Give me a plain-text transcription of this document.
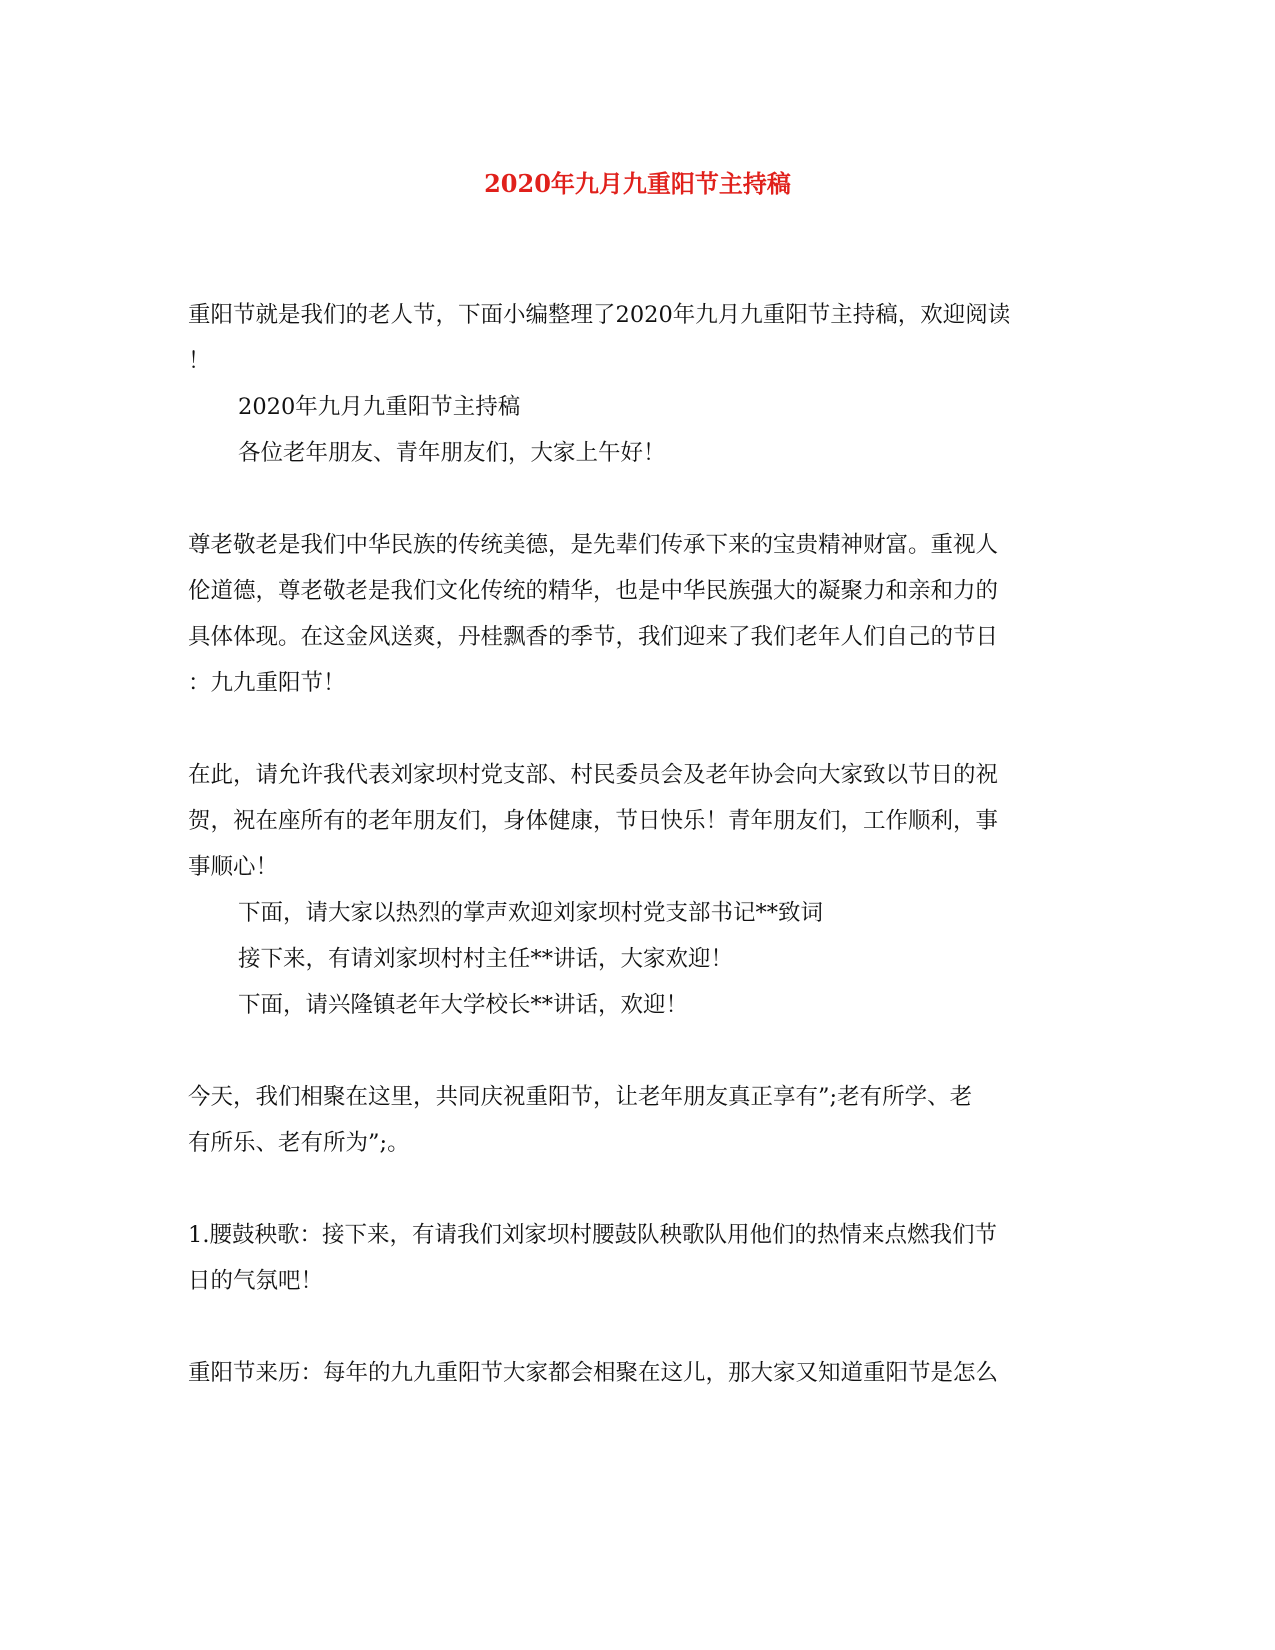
2020年九月九重阳节主持稿
重阳节就是我们的老人节，下面小编整理了2020年九月九重阳节主持稿，欢迎阅读
！
2020年九月九重阳节主持稿
各位老年朋友、青年朋友们，大家上午好！
尊老敬老是我们中华民族的传统美德，是先辈们传承下来的宝贵精神财富。重视人
伦道德，尊老敬老是我们文化传统的精华，也是中华民族强大的凝聚力和亲和力的
具体体现。在这金风送爽，丹桂飘香的季节，我们迎来了我们老年人们自己的节日
：九九重阳节！
在此，请允许我代表刘家坝村党支部、村民委员会及老年协会向大家致以节日的祝
贺，祝在座所有的老年朋友们，身体健康，节日快乐！青年朋友们，工作顺利，事
事顺心！
下面，请大家以热烈的掌声欢迎刘家坝村党支部书记**致词
接下来，有请刘家坝村村主任**讲话，大家欢迎！
下面，请兴隆镇老年大学校长**讲话，欢迎！
今天，我们相聚在这里，共同庆祝重阳节，让老年朋友真正享有”;老有所学、老
有所乐、老有所为”;。
1.腰鼓秧歌：接下来，有请我们刘家坝村腰鼓队秧歌队用他们的热情来点燃我们节
日的气氛吧！
重阳节来历：每年的九九重阳节大家都会相聚在这儿，那大家又知道重阳节是怎么
